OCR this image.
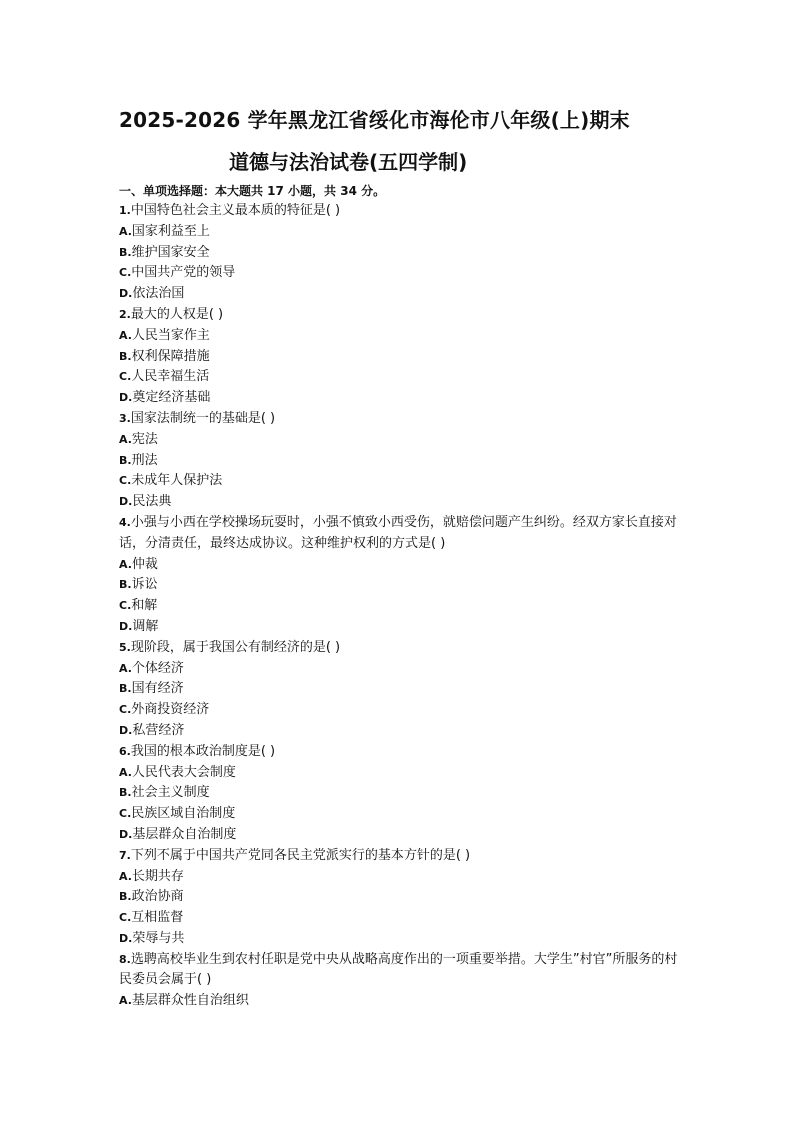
2025-2026 学年黑龙江省绥化市海伦市八年级(上)期末
道德与法治试卷(五四学制)
一、单项选择题：本大题共 17 小题，共 34 分。
1.中国特色社会主义最本质的特征是( )
A.国家利益至上
B.维护国家安全
C.中国共产党的领导
D.依法治国
2.最大的人权是( )
A.人民当家作主
B.权利保障措施
C.人民幸福生活
D.奠定经济基础
3.国家法制统一的基础是( )
A.宪法
B.刑法
C.未成年人保护法
D.民法典
4.小强与小西在学校操场玩耍时，小强不慎致小西受伤，就赔偿问题产生纠纷。经双方家长直接对话，分清责任，最终达成协议。这种维护权利的方式是( )
A.仲裁
B.诉讼
C.和解
D.调解
5.现阶段，属于我国公有制经济的是( )
A.个体经济
B.国有经济
C.外商投资经济
D.私营经济
6.我国的根本政治制度是( )
A.人民代表大会制度
B.社会主义制度
C.民族区域自治制度
D.基层群众自治制度
7.下列不属于中国共产党同各民主党派实行的基本方针的是( )
A.长期共存
B.政治协商
C.互相监督
D.荣辱与共
8.选聘高校毕业生到农村任职是党中央从战略高度作出的一项重要举措。大学生”村官”所服务的村民委员会属于( )
A.基层群众性自治组织
